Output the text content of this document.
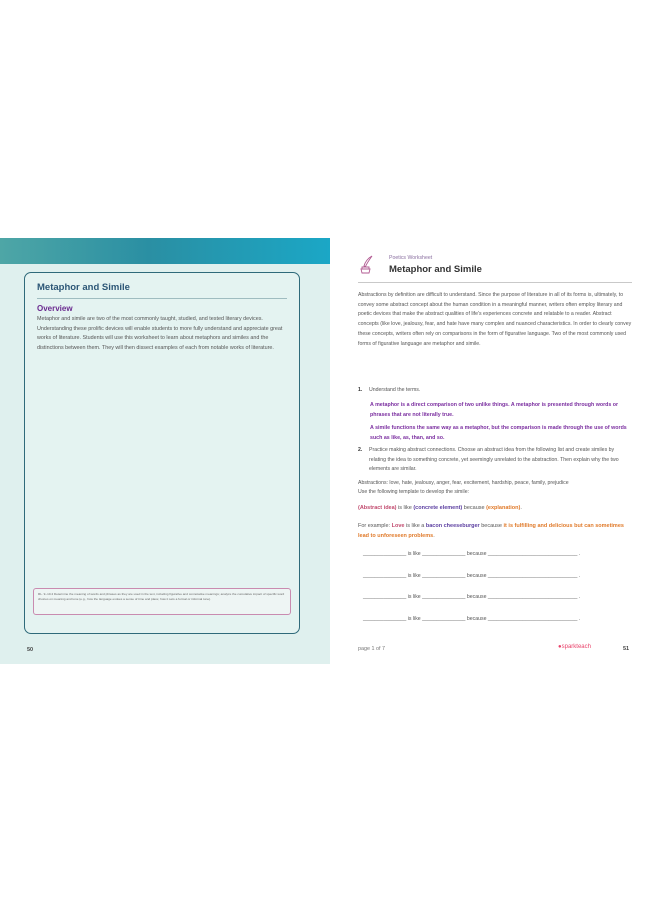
Metaphor and Simile
Overview
Metaphor and simile are two of the most commonly taught, studied, and tested literary devices. Understanding these prolific devices will enable students to more fully understand and appreciate great works of literature. Students will use this worksheet to learn about metaphors and similes and the distinctions between them. They will then dissect examples of each from notable works of literature.
RL. 9–10.4 Determine the meaning of words and phrases as they are used in the text, including figurative and connotative meanings; analyze the cumulative impact of specific word choices on meaning and tone (e.g., how the language evokes a sense of time and place; how it sets a formal or informal tone).
50
Poetics Worksheet
Metaphor and Simile
Abstractions by definition are difficult to understand. Since the purpose of literature in all of its forms is, ultimately, to convey some abstract concept about the human condition in a meaningful manner, writers often employ literary and poetic devices that make the abstract qualities of life's experiences concrete and relatable to a reader. Abstract concepts (like love, jealousy, fear, and hate have many complex and nuanced characteristics. In order to clearly convey these concepts, writers often rely on comparisons in the form of figurative language. Two of the most commonly used forms of figurative language are metaphor and simile.
1. Understand the terms.
A metaphor is a direct comparison of two unlike things. A metaphor is presented through words or phrases that are not literally true.
A simile functions the same way as a metaphor, but the comparison is made through the use of words such as like, as, than, and so.
2.	Practice making abstract connections. Choose an abstract idea from the following list and create similes by relating the idea to something concrete, yet seemingly unrelated to the abstraction. Then explain why the two elements are similar.
Abstractions: love, hate, jealousy, anger, fear, excitement, hardship, peace, family, prejudice
Use the following template to develop the simile:
(Abstract idea) is like (concrete element) because (explanation).
For example: Love is like a bacon cheeseburger because it is fulfilling and delicious but can sometimes lead to unforeseen problems.
_______________ is like _______________ because _______________________________ .
_______________ is like _______________ because _______________________________ .
_______________ is like _______________ because _______________________________ .
_______________ is like _______________ because _______________________________ .
page 1 of 7	●sparkteach	51
